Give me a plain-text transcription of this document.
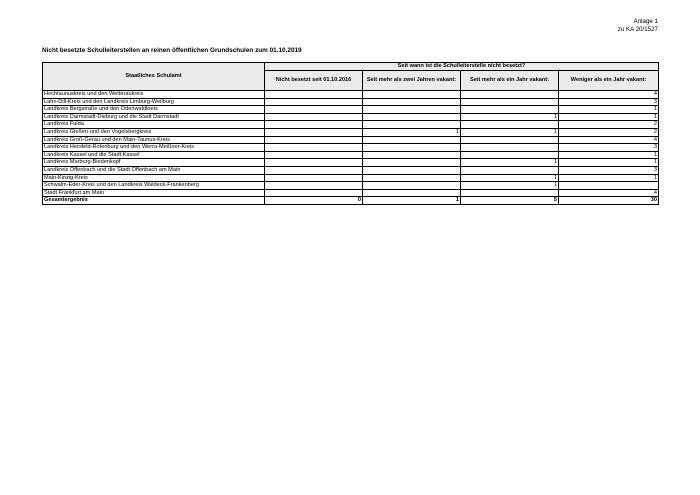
Anlage 1
zu KA 20/1527
Nicht besetzte Schulleiterstellen an reinen öffentlichen Grundschulen zum 01.10.2019
Staatliches Schulamt	Seit wann ist die Schulleiterstelle nicht besetzt?			
	Nicht besetzt seit 01.10.2016	Seit mehr als zwei Jahren vakant:	Seit mehr als ein Jahr vakant:	Weniger als ein Jahr vakant:
Hochtaunuskreis und den Wetteraukreis				4
Lahn-Dill-Kreis und den Landkreis Limburg-Weilburg				3
Landkreis Bergstraße und den Odenwaldkreis				1
Landkreis Darmstadt-Dieburg und die Stadt Darmstadt			1	1
Landkreis Fulda				2
Landkreis Gießen und den Vogelsbergkreis		1	1	2
Landkreis Groß-Gerau und den Main-Taunus-Kreis				4
Landkreis Hersfeld-Rotenburg und den Werra-Meißner-Kreis				3
Landkreis Kassel und die Stadt Kassel				1
Landkreis Marburg-Biedenkopf			1	1
Landkreis Offenbach und die Stadt Offenbach am Main				3
Main-Kinzig-Kreis			1	1
Schwalm-Eder-Kreis und den Landkreis Waldeck-Frankenberg			1	
Stadt Frankfurt am Main				4
Gesamtergebnis	0	1	5	30
